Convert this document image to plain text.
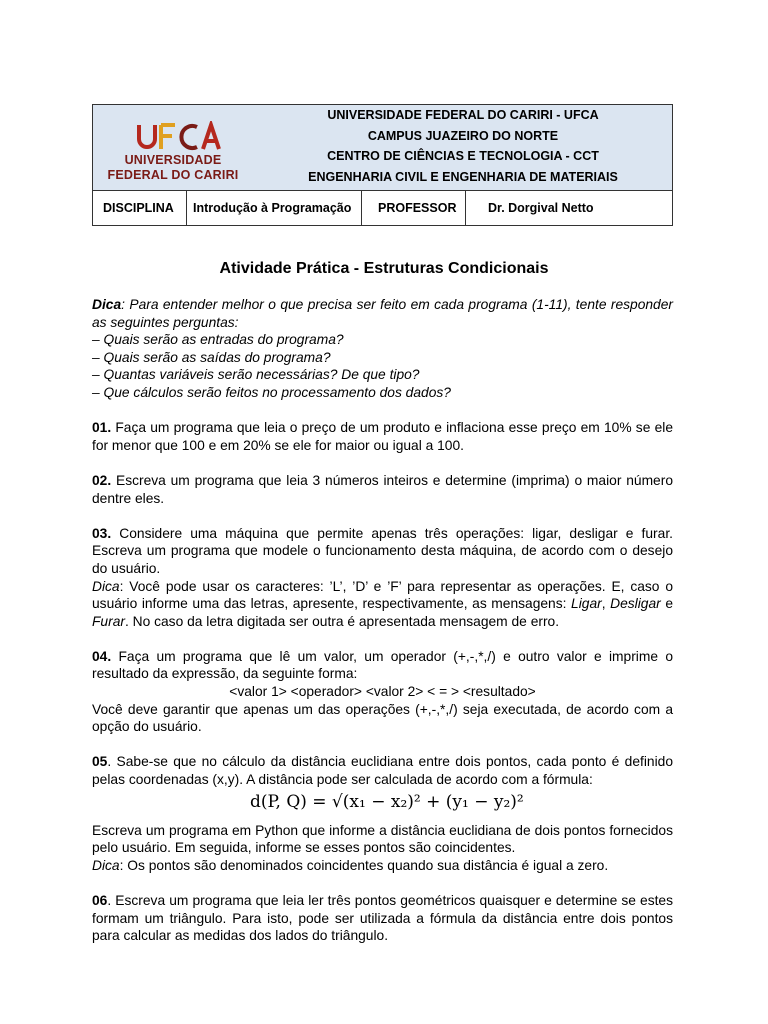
UNIVERSIDADE
FEDERAL DO CARIRI
UNIVERSIDADE FEDERAL DO CARIRI - UFCA
CAMPUS JUAZEIRO DO NORTE
CENTRO DE CIÊNCIAS E TECNOLOGIA - CCT
ENGENHARIA CIVIL E ENGENHARIA DE MATERIAIS
DISCIPLINA	Introdução à Programação	PROFESSOR	Dr. Dorgival Netto
Atividade Prática - Estruturas Condicionais

Dica: Para entender melhor o que precisa ser feito em cada programa (1-11), tente responder as seguintes perguntas:

– Quais serão as entradas do programa?

– Quais serão as saídas do programa?

– Quantas variáveis serão necessárias? De que tipo?

– Que cálculos serão feitos no processamento dos dados?

01. Faça um programa que leia o preço de um produto e inflaciona esse preço em 10% se ele for menor que 100 e em 20% se ele for maior ou igual a 100.

02. Escreva um programa que leia 3 números inteiros e determine (imprima) o maior número dentre eles.

03. Considere uma máquina que permite apenas três operações: ligar, desligar e furar. Escreva um programa que modele o funcionamento desta máquina, de acordo com o desejo do usuário.

Dica: Você pode usar os caracteres: ’L’, ’D’ e ’F’ para representar as operações. E, caso o usuário informe uma das letras, apresente, respectivamente, as mensagens: Ligar, Desligar e Furar. No caso da letra digitada ser outra é apresentada mensagem de erro.

04. Faça um programa que lê um valor, um operador (+,-,*,/) e outro valor e imprime o resultado da expressão, da seguinte forma:

<valor 1> <operador> <valor 2> < = > <resultado>

Você deve garantir que apenas um das operações (+,-,*,/) seja executada, de acordo com a opção do usuário.

05. Sabe-se que no cálculo da distância euclidiana entre dois pontos, cada ponto é definido pelas coordenadas (x,y). A distância pode ser calculada de acordo com a fórmula:

d(P, Q) = √(x₁ − x₂)² + (y₁ − y₂)²

Escreva um programa em Python que informe a distância euclidiana de dois pontos fornecidos pelo usuário. Em seguida, informe se esses pontos são coincidentes.

Dica: Os pontos são denominados coincidentes quando sua distância é igual a zero.

06. Escreva um programa que leia ler três pontos geométricos quaisquer e determine se estes formam um triângulo. Para isto, pode ser utilizada a fórmula da distância entre dois pontos para calcular as medidas dos lados do triângulo.
